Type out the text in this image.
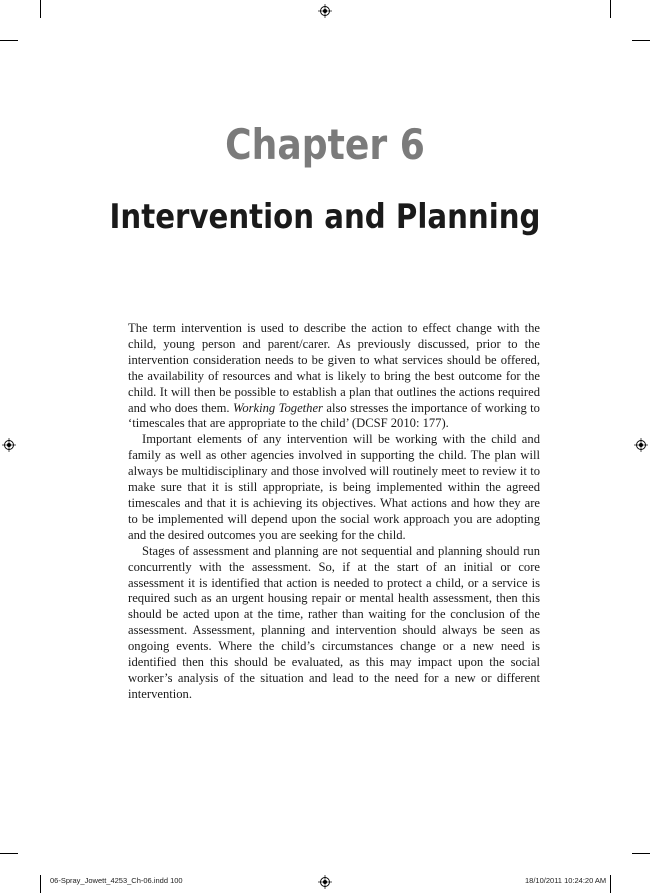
Chapter 6
Intervention and Planning

The term intervention is used to describe the action to effect change with the child, young person and parent/carer. As previously discussed, prior to the intervention consideration needs to be given to what services should be offered, the availability of resources and what is likely to bring the best outcome for the child. It will then be possible to establish a plan that outlines the actions required and who does them. Working Together also stresses the importance of working to ‘timescales that are appropriate to the child’ (DCSF 2010: 177).

Important elements of any intervention will be working with the child and family as well as other agencies involved in supporting the child. The plan will always be multidisciplinary and those involved will routinely meet to review it to make sure that it is still appropriate, is being implemented within the agreed timescales and that it is achieving its objectives. What actions and how they are to be implemented will depend upon the social work approach you are adopting and the desired outcomes you are seeking for the child.

Stages of assessment and planning are not sequential and planning should run concurrently with the assessment. So, if at the start of an initial or core assessment it is identified that action is needed to protect a child, or a service is required such as an urgent housing repair or mental health assessment, then this should be acted upon at the time, rather than waiting for the conclusion of the assessment. Assessment, planning and intervention should always be seen as ongoing events. Where the child’s circumstances change or a new need is identified then this should be evaluated, as this may impact upon the social worker’s analysis of the situation and lead to the need for a new or different intervention.

06-Spray_Jowett_4253_Ch-06.indd 100	18/10/2011 10:24:20 AM
